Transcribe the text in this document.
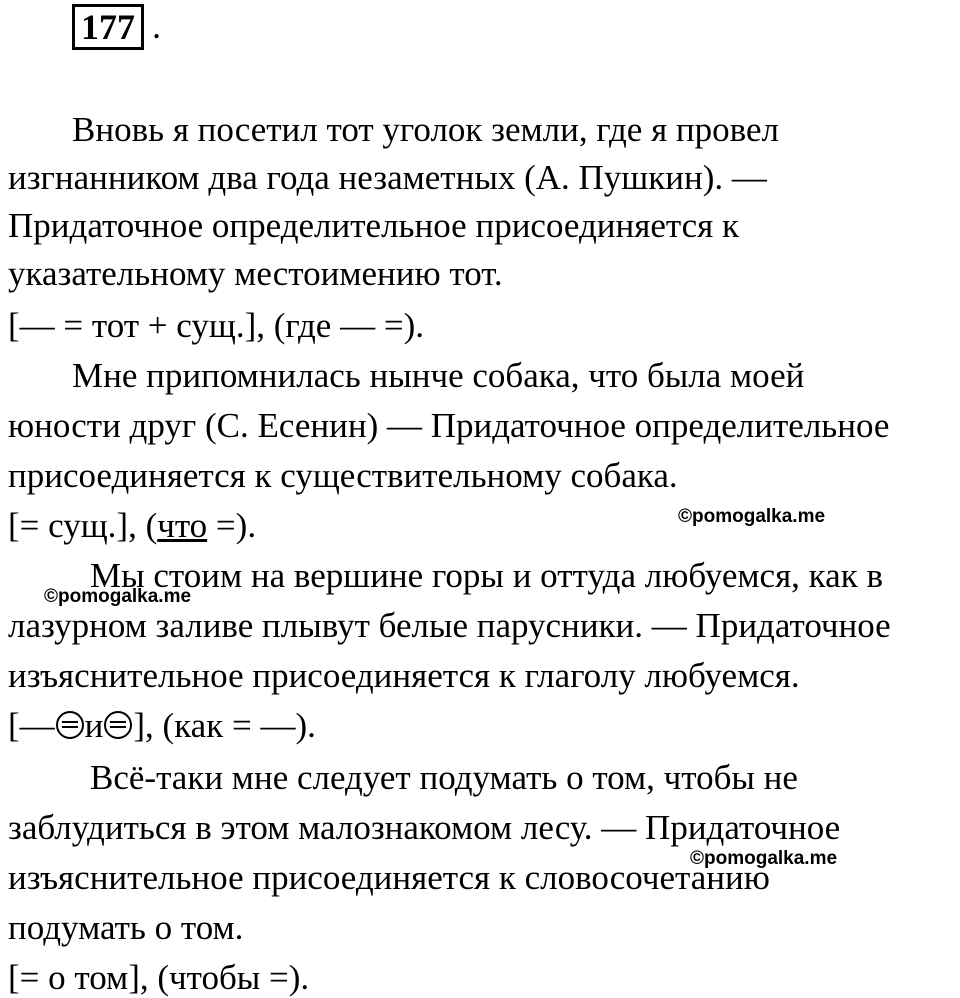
177 .
Вновь я посетил тот уголок земли, где я провел
изгнанником два года незаметных (А. Пушкин). —
Придаточное определительное присоединяется к
указательному местоимению тот.
[— = тот + сущ.], (где — =).
Мне припомнилась нынче собака, что была моей
юности друг (С. Есенин) — Придаточное определительное
присоединяется к существительному собака.
[= сущ.], (что =).
Мы стоим на вершине горы и оттуда любуемся, как в
лазурном заливе плывут белые парусники. — Придаточное
изъяснительное присоединяется к глаголу любуемся.
[— и ], (как = —).
Всё-таки мне следует подумать о том, чтобы не
заблудиться в этом малознакомом лесу. — Придаточное
изъяснительное присоединяется к словосочетанию
подумать о том.
[= о том], (чтобы =).
©pomogalka.me
©pomogalka.me
©pomogalka.me
